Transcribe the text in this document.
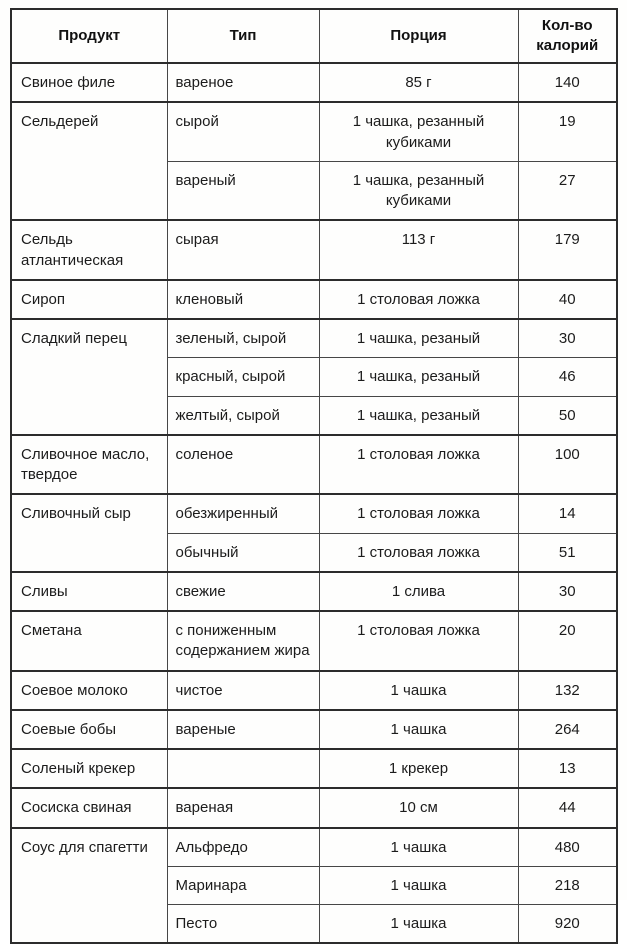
Продукт	Тип	Порция	Кол-во калорий
Свиное филе	вареное	85 г	140
Сельдерей	сырой	1 чашка, резанный кубиками	19
	вареный	1 чашка, резанный кубиками	27
Сельдь атлантическая	сырая	113 г	179
Сироп	кленовый	1 столовая ложка	40
Сладкий перец	зеленый, сырой	1 чашка, резаный	30
	красный, сырой	1 чашка, резаный	46
	желтый, сырой	1 чашка, резаный	50
Сливочное масло, твердое	соленое	1 столовая ложка	100
Сливочный сыр	обезжиренный	1 столовая ложка	14
	обычный	1 столовая ложка	51
Сливы	свежие	1 слива	30
Сметана	с пониженным содержанием жира	1 столовая ложка	20
Соевое молоко	чистое	1 чашка	132
Соевые бобы	вареные	1 чашка	264
Соленый крекер		1 крекер	13
Сосиска свиная	вареная	10 см	44
Соус для спагетти	Альфредо	1 чашка	480
	Маринара	1 чашка	218
	Песто	1 чашка	920
